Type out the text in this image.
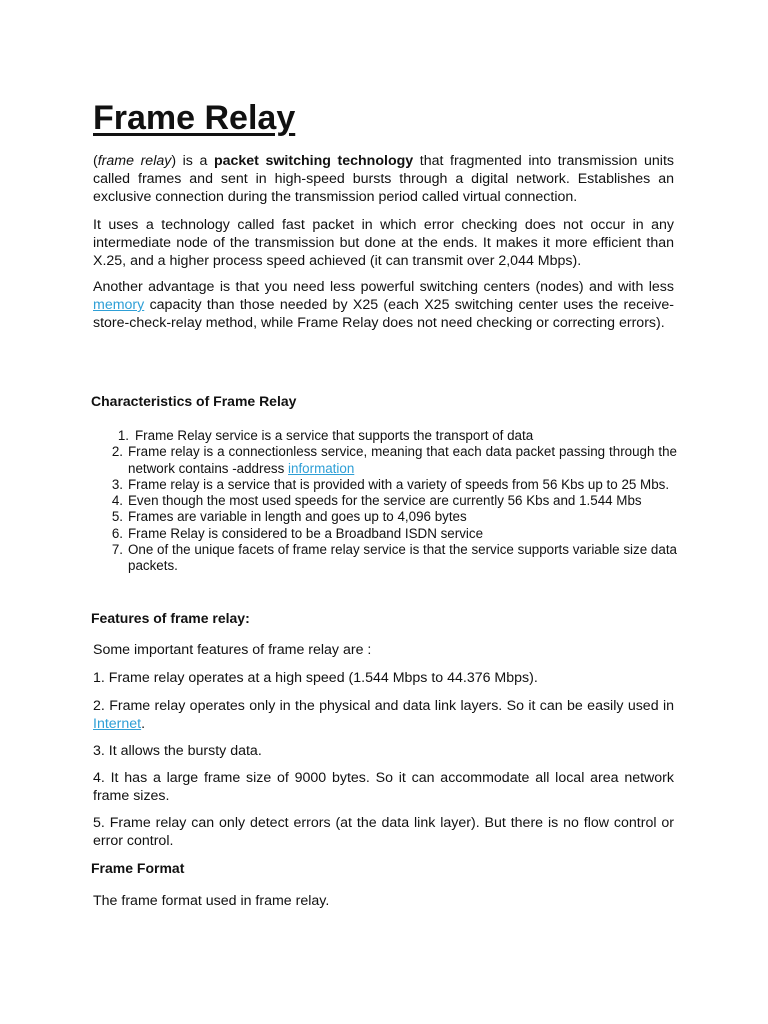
Frame Relay

(frame relay) is a packet switching technology that fragmented into transmission units called frames and sent in high-speed bursts through a digital network. Establishes an exclusive connection during the transmission period called virtual connection.

It uses a technology called fast packet in which error checking does not occur in any intermediate node of the transmission but done at the ends. It makes it more efficient than X.25, and a higher process speed achieved (it can transmit over 2,044 Mbps).

Another advantage is that you need less powerful switching centers (nodes) and with less memory capacity than those needed by X25 (each X25 switching center uses the receive-store-check-relay method, while Frame Relay does not need checking or correcting errors).

Characteristics of Frame Relay
1. Frame Relay service is a service that supports the transport of data
2. Frame relay is a connectionless service, meaning that each data packet passing through the network contains -address information
3. Frame relay is a service that is provided with a variety of speeds from 56 Kbs up to 25 Mbs.
4. Even though the most used speeds for the service are currently 56 Kbs and 1.544 Mbs
5. Frames are variable in length and goes up to 4,096 bytes
6. Frame Relay is considered to be a Broadband ISDN service
7. One of the unique facets of frame relay service is that the service supports variable size data packets.
Features of frame relay:

Some important features of frame relay are :

1. Frame relay operates at a high speed (1.544 Mbps to 44.376 Mbps).

2. Frame relay operates only in the physical and data link layers. So it can be easily used in Internet.

3. It allows the bursty data.

4. It has a large frame size of 9000 bytes. So it can accommodate all local area network frame sizes.

5. Frame relay can only detect errors (at the data link layer). But there is no flow control or error control.

Frame Format

The frame format used in frame relay.
